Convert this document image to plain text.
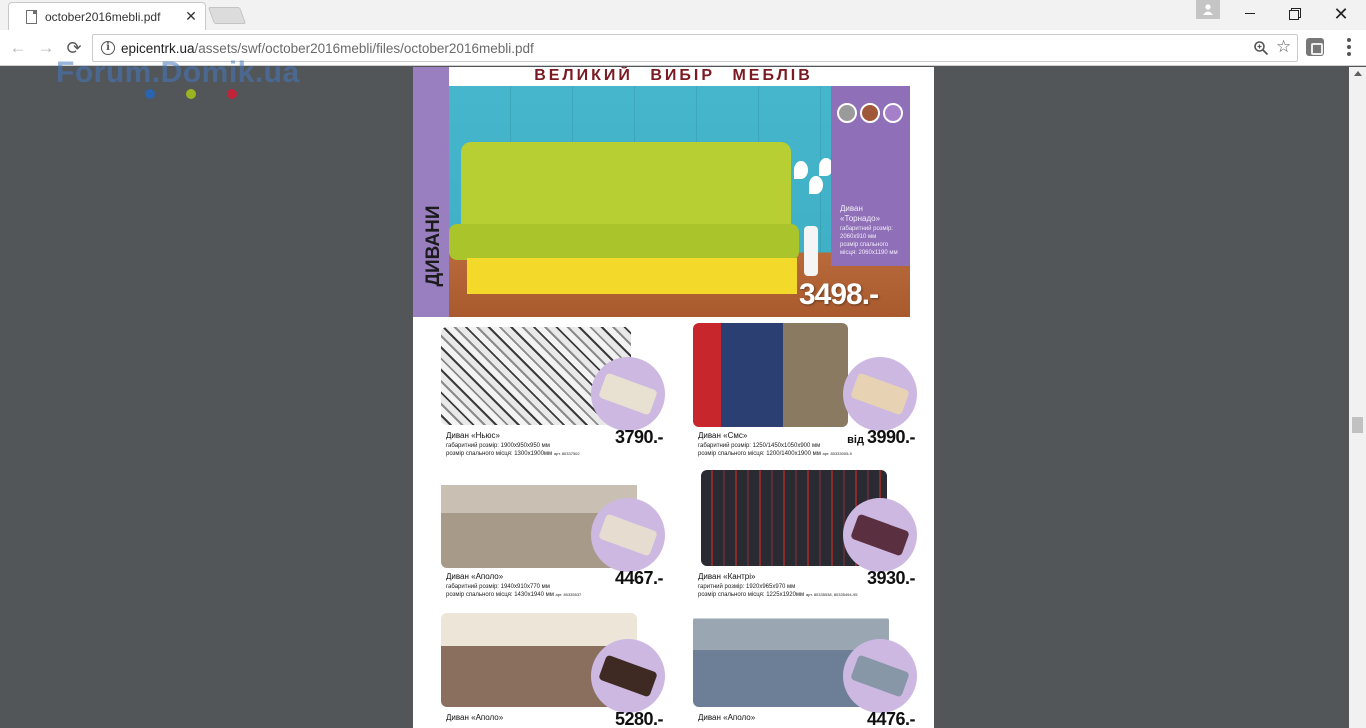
october2016mebli.pdf ✕	✕
← → ⟳	i epicentrk.ua/assets/swf/october2016mebli/files/october2016mebli.pdf	☆
ВЕЛИКИЙ ВИБІР МЕБЛІВ
ДИВАНИ	Диван
«Торнадо»
габаритний розмір:
2060x910 мм
розмір спального
місця: 2060x1190 мм
3498.-
Диван «Ньюс»
габаритний розмір: 1900x950x950 мм
розмір спального місця: 1300x1900мм арт. 80337502
3790.-	Диван «Смс»
габаритний розмір: 1250/1450x1050x900 мм
розмір спального місця: 1200/1400x1900 мм арт. 80333005-9
від 3990.-
Диван «Аполо»
габаритний розмір: 1940x910x770 мм
розмір спального місця: 1430x1940 мм арт. 80335537
4467.-	Диван «Кантрі»
гаритний розмір: 1920x965x970 мм
розмір спального місця: 1225x1920мм арт. 80335538, 80335494-95
3930.-
Диван «Аполо»	5280.-	Диван «Аполо»	4476.-
Forum.Domik.ua
